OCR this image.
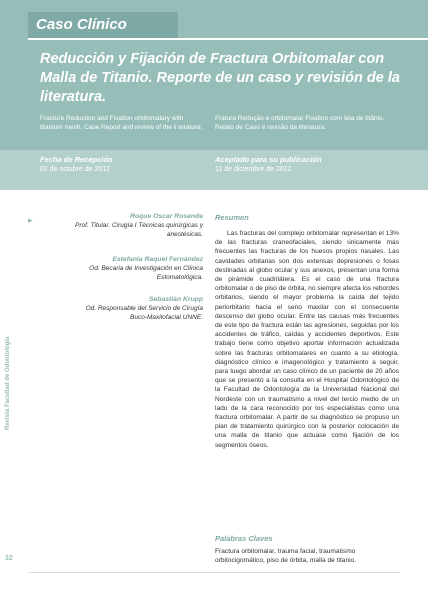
Caso Clínico
Reducción y Fijación de Fractura Orbitomalar con Malla de Titanio. Reporte de un caso y revisión de la literatura.

Fracture Reduction and Fixation orbitomalary with titanium mesh. Case Report and review of the li terature.

Fratura Redução e orbitomalar Fixation com tela de titânio. Relato de Caso e revisão da literatura.

Fecha de Recepción
02 de octubre de 2012
Aceptado para su publicación
11 de diciembre de 2012
Revista Facultad de Odontología
32
▸	Roque Oscar Rosende
Prof. Titular. Cirugía I Técnicas quirúrgicas y anestésicas.
Estefanía Raquel Fernández
Od. Becaria de Investigación en Clínica Estomatológica.
Sebastián Krupp
Od. Responsable del Servicio de Cirugía Buco-Maxilofacial UNNE.
Resumen

Las fracturas del complejo orbitomalar representan el 13% de las fracturas craneofaciales, siendo únicamente más frecuentes las fracturas de los huesos propios nasales. Las cavidades orbitarias son dos extensas depresiones o fosas destinadas al globo ocular y sus anexos, presentan una forma de pirámide cuadrilátera. Es el caso de una fractura orbitomalar o de piso de órbita, no siempre afecta los rebordes orbitarios, siendo el mayor problema la caída del tejido periorbitario hacia el seno maxilar con el consecuente descenso del globo ocular. Entre las causas más frecuentes de este tipo de fractura están las agresiones, seguidas por los accidentes de tráfico, caídas y accidentes deportivos. Este trabajo tiene como objetivo aportar información actualizada sobre las fracturas orbitomalares en cuanto a su etiología, diagnóstico clínico e imagenológico y tratamiento a seguir, para luego abordar un caso clínico de un paciente de 20 años que se presentó a la consulta en el Hospital Odontológico de la Facultad de Odontología de la Universidad Nacional del Nordeste con un traumatismo a nivel del tercio medio de un lado de la cara reconocido por los especialistas como una fractura orbitomalar. A partir de su diagnóstico se propuso un plan de tratamiento quirúrgico con la posterior colocación de una malla de titanio que actuase como fijación de los segmentos óseos.

Palabras Claves

Fractura orbitomalar, trauma facial, traumatismo orbitocigomático, piso de órbita, malla de titanio.
